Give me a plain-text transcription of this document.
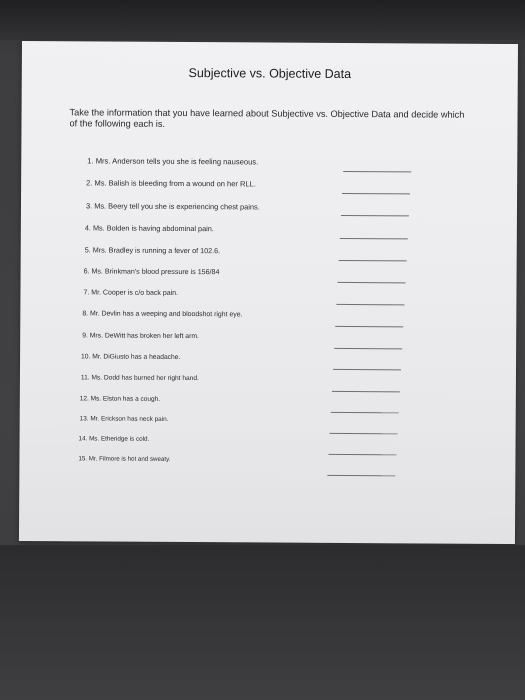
Subjective vs. Objective Data
Take the information that you have learned about Subjective vs. Objective Data and decide which of the following each is.
1. Mrs. Anderson tells you she is feeling nauseous.
2. Ms. Balish is bleeding from a wound on her RLL.
3. Ms. Beery tell you she is experiencing chest pains.
4. Ms. Bolden is having abdominal pain.
5. Mrs. Bradley is running a fever of 102.6.
6. Ms. Brinkman's blood pressure is 156/84
7. Mr. Cooper is c/o back pain.
8. Mr. Devlin has a weeping and bloodshot right eye.
9. Mrs. DeWitt has broken her left arm.
10. Mr. DiGiusto has a headache.
11. Ms. Dodd has burned her right hand.
12. Ms. Elston has a cough.
13. Mr. Erickson has neck pain.
14. Ms. Etheridge is cold.
15. Mr. Filmore is hot and sweaty.
